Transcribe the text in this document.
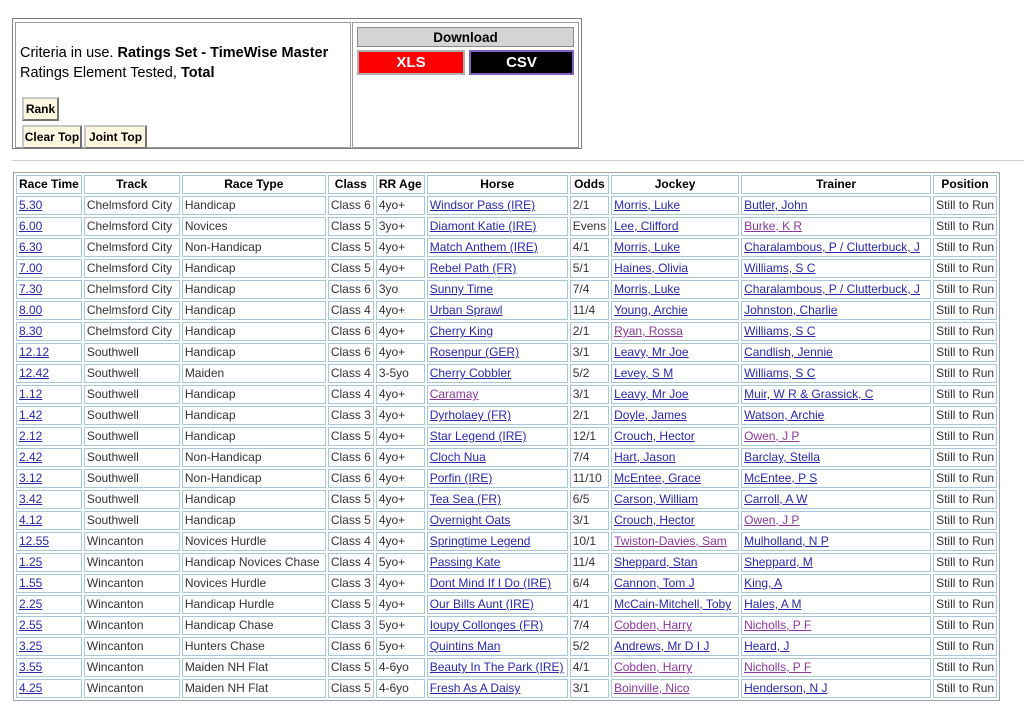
Criteria in use. Ratings Set - TimeWise Master
Ratings Element Tested, Total
Rank
Clear Top Joint Top
Download
XLS	CSV
Race Time	Track	Race Type	Class	RR Age	Horse	Odds	Jockey	Trainer	Position
5.30	Chelmsford City	Handicap	Class 6	4yo+	Windsor Pass (IRE)	2/1	Morris, Luke	Butler, John	Still to Run
6.00	Chelmsford City	Novices	Class 5	3yo+	Diamont Katie (IRE)	Evens	Lee, Clifford	Burke, K R	Still to Run
6.30	Chelmsford City	Non-Handicap	Class 5	4yo+	Match Anthem (IRE)	4/1	Morris, Luke	Charalambous, P / Clutterbuck, J	Still to Run
7.00	Chelmsford City	Handicap	Class 5	4yo+	Rebel Path (FR)	5/1	Haines, Olivia	Williams, S C	Still to Run
7.30	Chelmsford City	Handicap	Class 6	3yo	Sunny Time	7/4	Morris, Luke	Charalambous, P / Clutterbuck, J	Still to Run
8.00	Chelmsford City	Handicap	Class 4	4yo+	Urban Sprawl	11/4	Young, Archie	Johnston, Charlie	Still to Run
8.30	Chelmsford City	Handicap	Class 6	4yo+	Cherry King	2/1	Ryan, Rossa	Williams, S C	Still to Run
12.12	Southwell	Handicap	Class 6	4yo+	Rosenpur (GER)	3/1	Leavy, Mr Joe	Candlish, Jennie	Still to Run
12.42	Southwell	Maiden	Class 4	3-5yo	Cherry Cobbler	5/2	Levey, S M	Williams, S C	Still to Run
1.12	Southwell	Handicap	Class 4	4yo+	Caramay	3/1	Leavy, Mr Joe	Muir, W R & Grassick, C	Still to Run
1.42	Southwell	Handicap	Class 3	4yo+	Dyrholaey (FR)	2/1	Doyle, James	Watson, Archie	Still to Run
2.12	Southwell	Handicap	Class 5	4yo+	Star Legend (IRE)	12/1	Crouch, Hector	Owen, J P	Still to Run
2.42	Southwell	Non-Handicap	Class 6	4yo+	Cloch Nua	7/4	Hart, Jason	Barclay, Stella	Still to Run
3.12	Southwell	Non-Handicap	Class 6	4yo+	Porfin (IRE)	11/10	McEntee, Grace	McEntee, P S	Still to Run
3.42	Southwell	Handicap	Class 5	4yo+	Tea Sea (FR)	6/5	Carson, William	Carroll, A W	Still to Run
4.12	Southwell	Handicap	Class 5	4yo+	Overnight Oats	3/1	Crouch, Hector	Owen, J P	Still to Run
12.55	Wincanton	Novices Hurdle	Class 4	4yo+	Springtime Legend	10/1	Twiston-Davies, Sam	Mulholland, N P	Still to Run
1.25	Wincanton	Handicap Novices Chase	Class 4	5yo+	Passing Kate	11/4	Sheppard, Stan	Sheppard, M	Still to Run
1.55	Wincanton	Novices Hurdle	Class 3	4yo+	Dont Mind If I Do (IRE)	6/4	Cannon, Tom J	King, A	Still to Run
2.25	Wincanton	Handicap Hurdle	Class 5	4yo+	Our Bills Aunt (IRE)	4/1	McCain-Mitchell, Toby	Hales, A M	Still to Run
2.55	Wincanton	Handicap Chase	Class 3	5yo+	Ioupy Collonges (FR)	7/4	Cobden, Harry	Nicholls, P F	Still to Run
3.25	Wincanton	Hunters Chase	Class 6	5yo+	Quintins Man	5/2	Andrews, Mr D I J	Heard, J	Still to Run
3.55	Wincanton	Maiden NH Flat	Class 5	4-6yo	Beauty In The Park (IRE)	4/1	Cobden, Harry	Nicholls, P F	Still to Run
4.25	Wincanton	Maiden NH Flat	Class 5	4-6yo	Fresh As A Daisy	3/1	Boinville, Nico	Henderson, N J	Still to Run
